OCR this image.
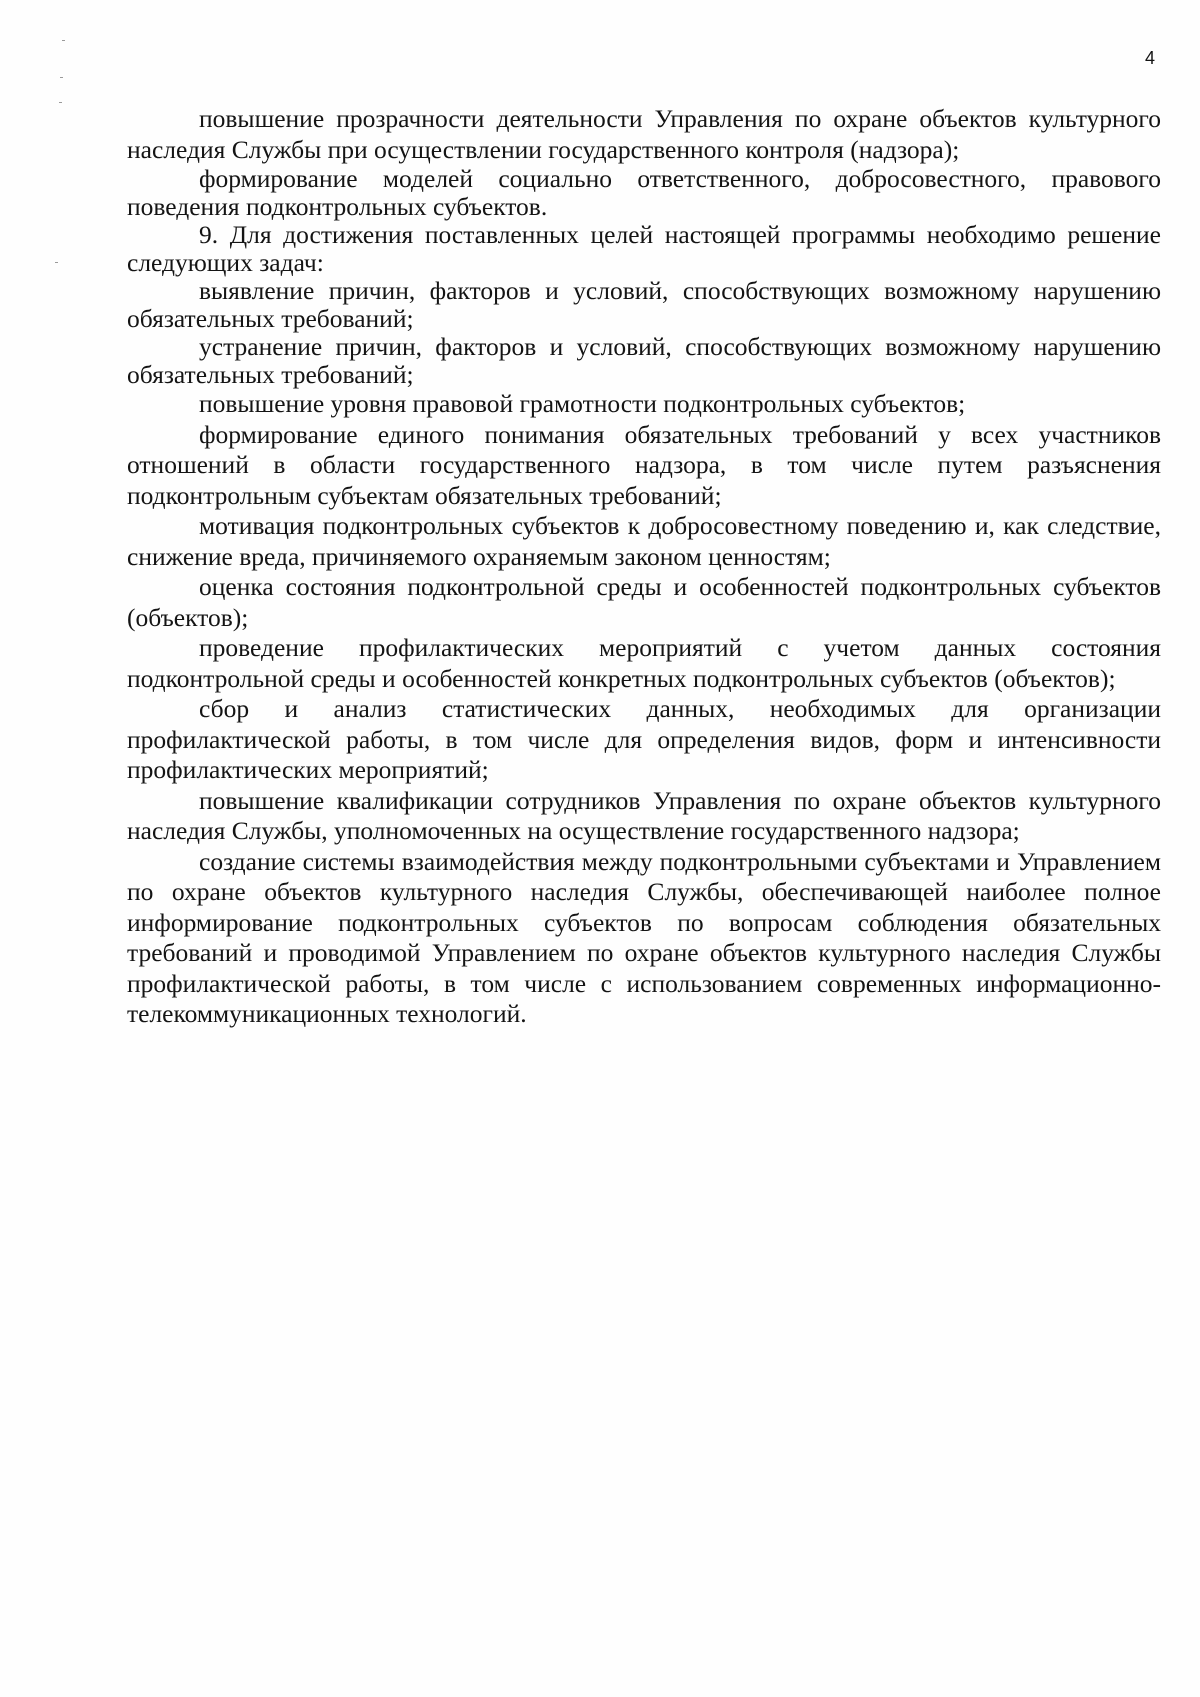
4

повышение прозрачности деятельности Управления по охране объектов культурного наследия Службы при осуществлении государственного контроля (надзора);

формирование моделей социально ответственного, добросовестного, правового поведения подконтрольных субъектов.

9. Для достижения поставленных целей настоящей программы необходимо решение следующих задач:

выявление причин, факторов и условий, способствующих возможному нарушению обязательных требований;

устранение причин, факторов и условий, способствующих возможному нарушению обязательных требований;

повышение уровня правовой грамотности подконтрольных субъектов;

формирование единого понимания обязательных требований у всех участников отношений в области государственного надзора, в том числе путем разъяснения подконтрольным субъектам обязательных требований;

мотивация подконтрольных субъектов к добросовестному поведению и, как следствие, снижение вреда, причиняемого охраняемым законом ценностям;

оценка состояния подконтрольной среды и особенностей подконтрольных субъектов (объектов);

проведение профилактических мероприятий с учетом данных состояния подконтрольной среды и особенностей конкретных подконтрольных субъектов (объектов);

сбор и анализ статистических данных, необходимых для организации профилактической работы, в том числе для определения видов, форм и интенсивности профилактических мероприятий;

повышение квалификации сотрудников Управления по охране объектов культурного наследия Службы, уполномоченных на осуществление государственного надзора;

создание системы взаимодействия между подконтрольными субъектами и Управлением по охране объектов культурного наследия Службы, обеспечивающей наиболее полное информирование подконтрольных субъектов по вопросам соблюдения обязательных требований и проводимой Управлением по охране объектов культурного наследия Службы профилактической работы, в том числе с использованием современных информационно-телекоммуникационных технологий.
